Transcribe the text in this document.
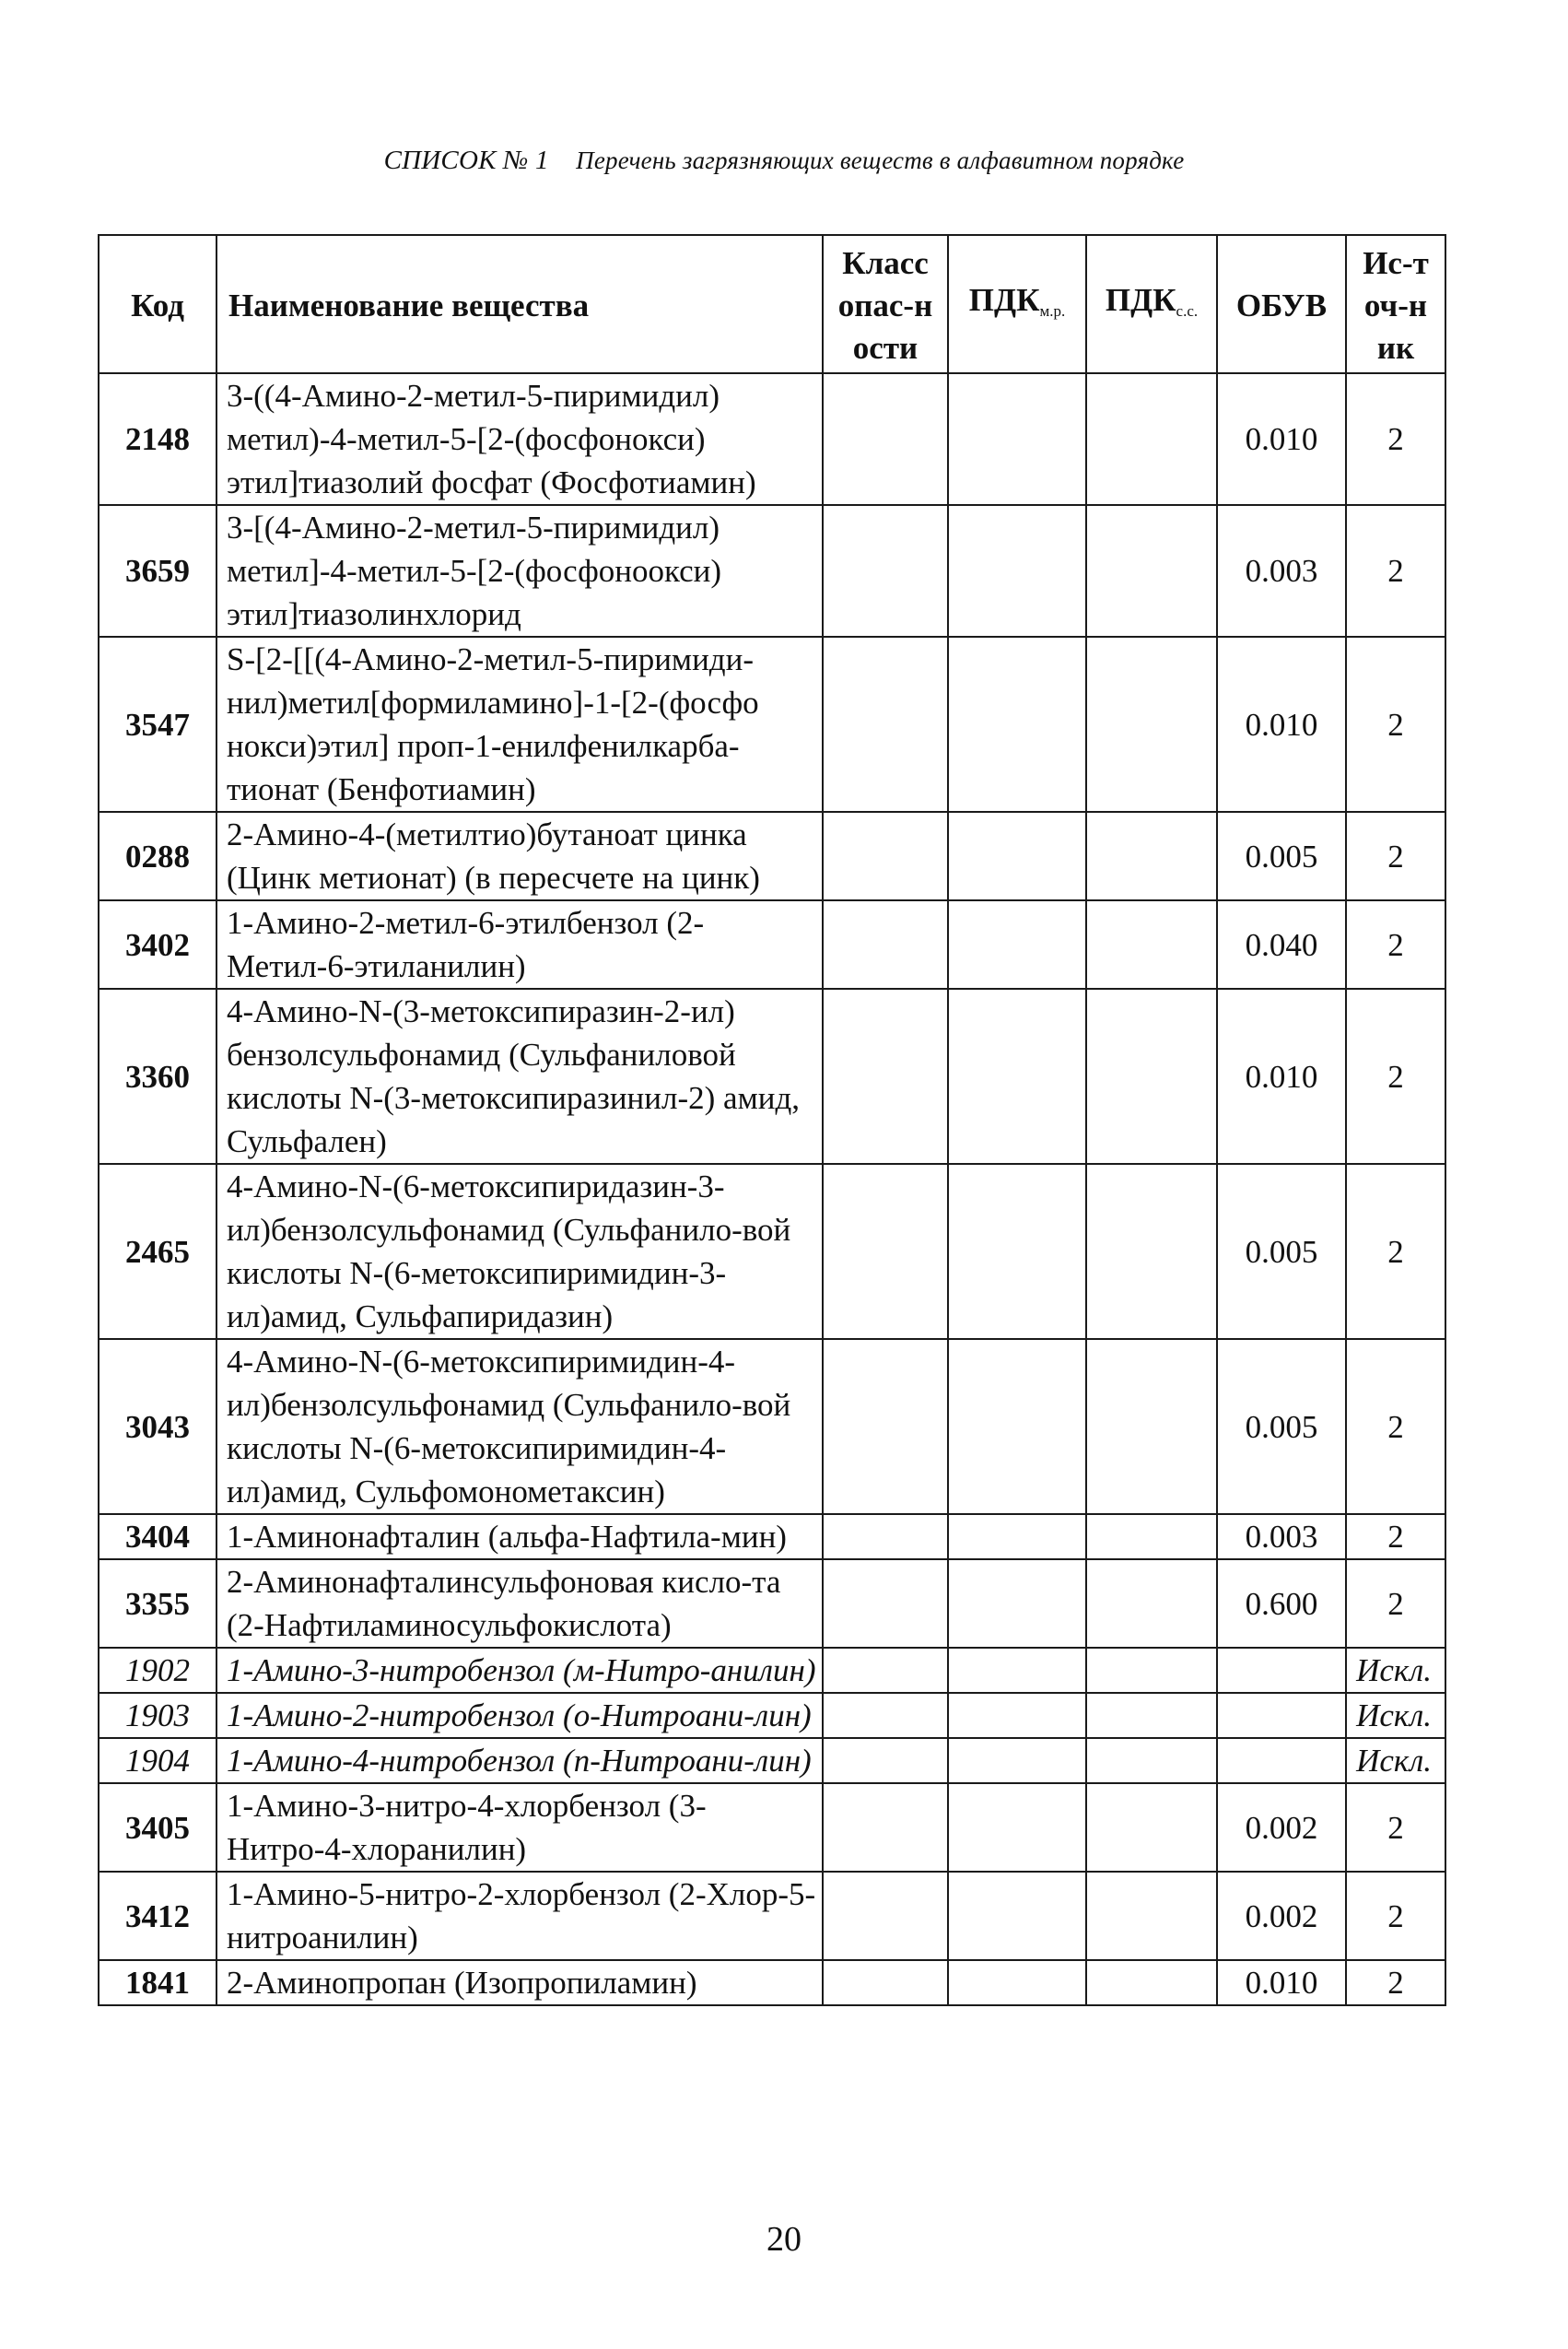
СПИСОК № 1 Перечень загрязняющих веществ в алфавитном порядке
Код	Наименование вещества	Класс опас-ности	ПДКм.р.	ПДКс.с.	ОБУВ	Ис-точ-ник

2148	3-((4-Амино-2-метил-5-пиримидил) метил)-4-метил-5-[2-(фосфонокси) этил]тиазолий фосфат (Фосфотиамин)				0.010	2
3659	3-[(4-Амино-2-метил-5-пиримидил) метил]-4-метил-5-[2-(фосфоноокси) этил]тиазолинхлорид				0.003	2
3547	S-[2-[[(4-Амино-2-метил-5-пиримиди-нил)метил[формиламино]-1-[2-(фосфо нокси)этил] проп-1-енилфенилкарба-тионат (Бенфотиамин)				0.010	2
0288	2-Амино-4-(метилтио)бутаноат цинка (Цинк метионат) (в пересчете на цинк)				0.005	2
3402	1-Амино-2-метил-6-этилбензол (2-Метил-6-этиланилин)				0.040	2
3360	4-Амино-N-(3-метоксипиразин-2-ил) бензолсульфонамид (Сульфаниловой кислоты N-(3-метоксипиразинил-2) амид, Сульфален)				0.010	2
2465	4-Амино-N-(6-метоксипиридазин-3-ил)бензолсульфонамид (Сульфанило-вой кислоты N-(6-метоксипиримидин-3-ил)амид, Сульфапиридазин)				0.005	2
3043	4-Амино-N-(6-метоксипиримидин-4-ил)бензолсульфонамид (Сульфанило-вой кислоты N-(6-метоксипиримидин-4-ил)амид, Сульфомонометаксин)				0.005	2
3404	1-Аминонафталин (альфа-Нафтила-мин)				0.003	2
3355	2-Аминонафталинсульфоновая кисло-та (2-Нафтиламиносульфокислота)				0.600	2
1902	1-Амино-3-нитробензол (м-Нитро-анилин)					Искл.
1903	1-Амино-2-нитробензол (о-Нитроани-лин)					Искл.
1904	1-Амино-4-нитробензол (п-Нитроани-лин)					Искл.
3405	1-Амино-3-нитро-4-хлорбензол (3-Нитро-4-хлоранилин)				0.002	2
3412	1-Амино-5-нитро-2-хлорбензол (2-Хлор-5-нитроанилин)				0.002	2
1841	2-Аминопропан (Изопропиламин)				0.010	2
20
